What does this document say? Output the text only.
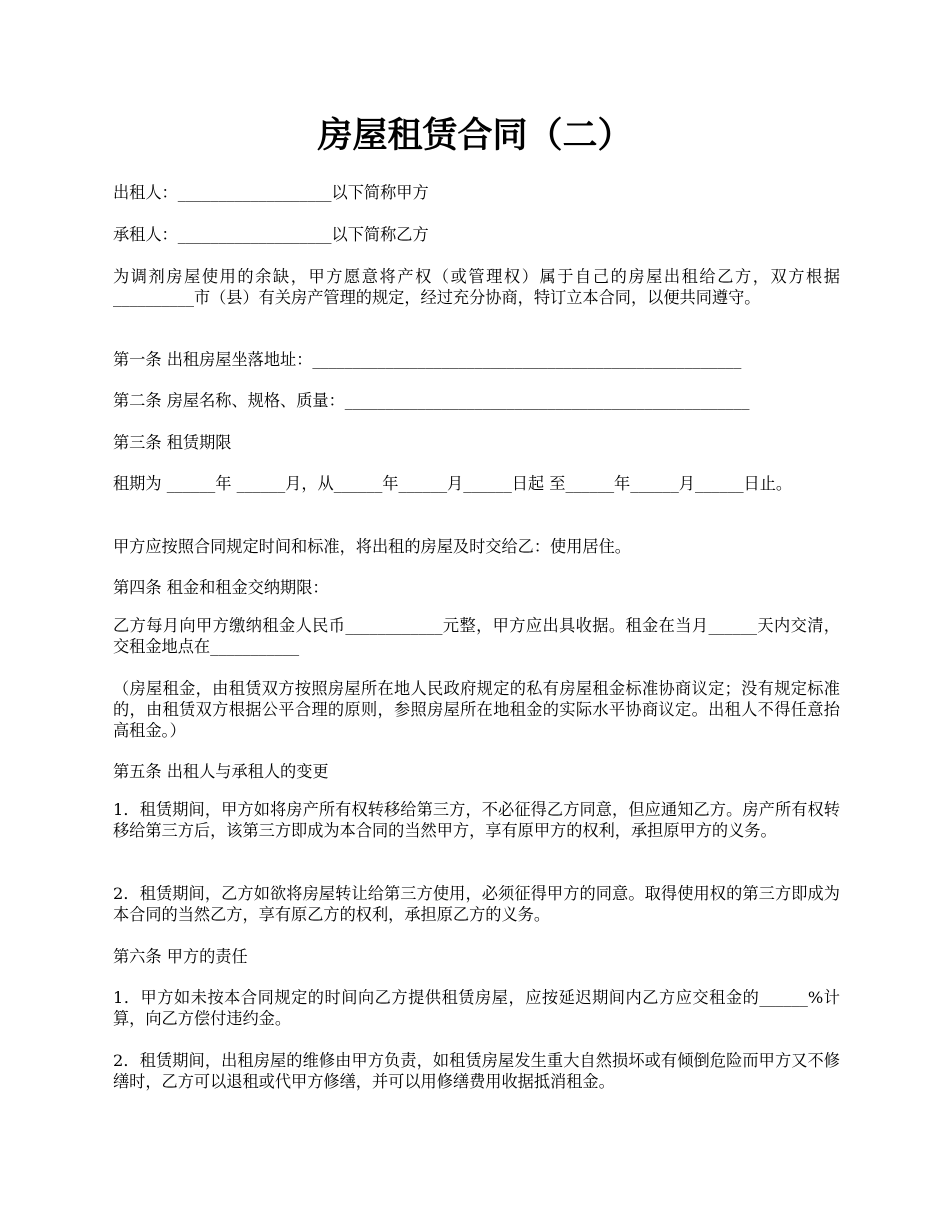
房屋租赁合同（二）

出租人：___________________以下简称甲方

承租人：___________________以下简称乙方

为调剂房屋使用的余缺，甲方愿意将产权（或管理权）属于自己的房屋出租给乙方，双方根据__________市（县）有关房产管理的规定，经过充分协商，特订立本合同，以便共同遵守。

第一条 出租房屋坐落地址：_____________________________________________________

第二条 房屋名称、规格、质量：__________________________________________________

第三条 租赁期限

租期为 ______年 ______月，从______年______月______日起 至______年______月______日止。

甲方应按照合同规定时间和标准，将出租的房屋及时交给乙：使用居住。

第四条 租金和租金交纳期限：

乙方每月向甲方缴纳租金人民币____________元整，甲方应出具收据。租金在当月______天内交清，交租金地点在___________

（房屋租金，由租赁双方按照房屋所在地人民政府规定的私有房屋租金标准协商议定；没有规定标准的，由租赁双方根据公平合理的原则，参照房屋所在地租金的实际水平协商议定。出租人不得任意抬高租金。）

第五条 出租人与承租人的变更

1．租赁期间，甲方如将房产所有权转移给第三方，不必征得乙方同意，但应通知乙方。房产所有权转移给第三方后，该第三方即成为本合同的当然甲方，享有原甲方的权利，承担原甲方的义务。

2．租赁期间，乙方如欲将房屋转让给第三方使用，必须征得甲方的同意。取得使用权的第三方即成为本合同的当然乙方，享有原乙方的权利，承担原乙方的义务。

第六条 甲方的责任

1．甲方如未按本合同规定的时间向乙方提供租赁房屋，应按延迟期间内乙方应交租金的______%计算，向乙方偿付违约金。

2．租赁期间，出租房屋的维修由甲方负责，如租赁房屋发生重大自然损坏或有倾倒危险而甲方又不修缮时，乙方可以退租或代甲方修缮，并可以用修缮费用收据抵消租金。
